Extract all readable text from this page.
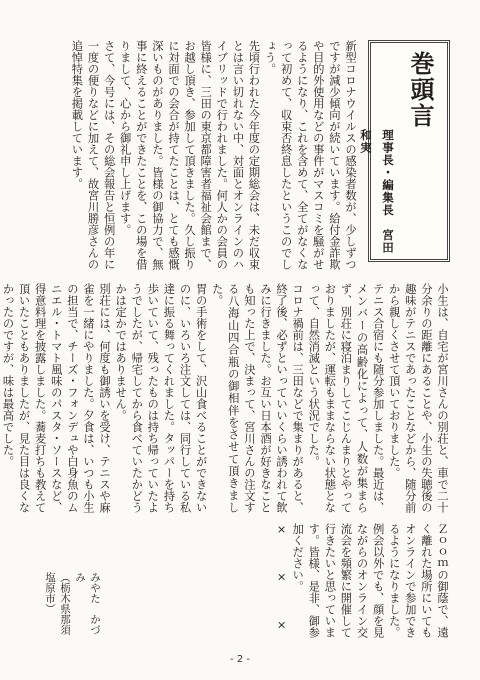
巻頭言
理事長・編集長　宮田和実
新型コロナウイルスの感染者数が、少しずつですが減少傾向が続いています。給付金詐欺や目的外使用などの事件がマスコミを騒がせるようになり、これを含めて、全てがなくなって初めて、収束否終息したというこのでしょう。
先頃行われた今年度の定期総会は、未だ収束とは言い切れない中、対面とオンラインのハイブリッドで行われました。何人かの会員の皆様に、三田の東京都障害者福祉会館まで、お越し頂き、参加して頂きました。久し振りに対面での会合が持てたことは、とても感慨深いものがありました。皆様の御協力で、無事に終えることができたことを、この場を借りまして、心から御礼申し上げます。
さて、今号には、その総会報告と恒例の年に一度の便りなどに加えて、故宮川勝彦さんの追悼特集を掲載しています。
小生は、自宅が宮川さんの別荘と、車で二十分余りの距離にあることや、小生の失聴後の趣味がテニスであったことなどから、随分前から親しくさせて頂いておりました。
テニス合宿にも随分参加しました。最近は、メンバーの高齢化によって、人数が集まらず、別荘に寝泊まりしてこじんまりとやっておりましたが、運転もままならない状態となって、自然消滅という状況でした。
コロナ禍前は、三田などで集まりがあると、終了後、必ずといっていいくらい誘われて飲みに行きました。お互い日本酒が好きなことも知った上で、決まって、宮川さんの注文する八海山四合瓶の御相伴をさせて頂きました。
胃の手術をして、沢山食べることができないのに、いろいろ注文しては、同行している私達に振る舞ってくれました。タッパーを持ち歩いていて、残ったものは持ち帰っていたようでしたが、帰宅してから食べていたかどうかは定かではありません。
別荘には、何度も御誘いを受け、テニスや麻雀を一緒にやりました。夕食は、いつも小生の担当で、チーズ・フォンデュや白身魚のムニエル・トマト風味のパスタ・ソースなど、得意料理を披露しました。蕎麦打ちも教えて頂いたこともありましたが、見た目は良くなかったのですが、味は最高でした。

Ｚｏｏｍの御蔭で、遠く離れた場所にいてもオンラインで参加できるようになりました。例会以外でも、顔を見ながらのオンライン交流会を頻繁に開催して行きたいと思っています。皆様、是非、御参加ください。
×　　　×　　　×
みやた　かづみ
（栃木県那須塩原市）
- 2 -
